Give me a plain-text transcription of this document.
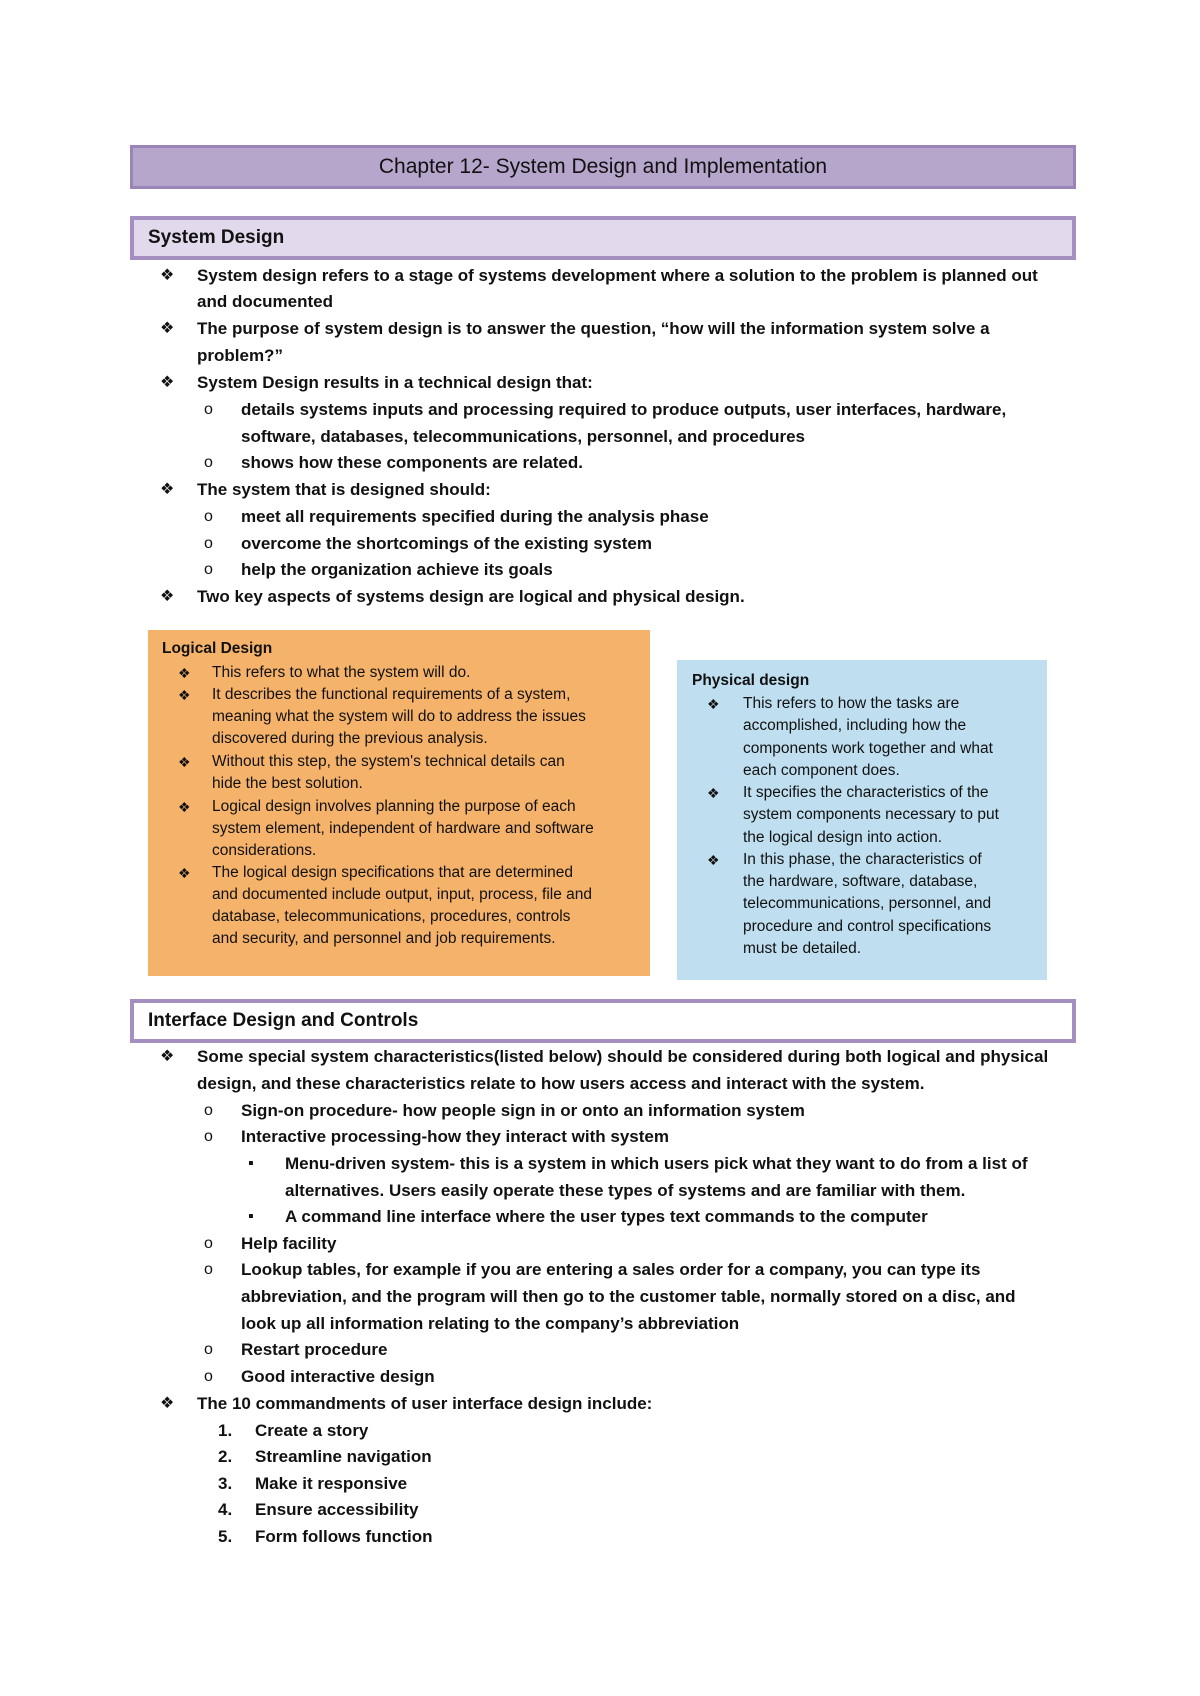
Chapter 12- System Design and Implementation
System Design
❖ System design refers to a stage of systems development where a solution to the problem is planned out
and documented
❖ The purpose of system design is to answer the question, “how will the information system solve a
problem?”
❖ System Design results in a technical design that:
o details systems inputs and processing required to produce outputs, user interfaces, hardware,
software, databases, telecommunications, personnel, and procedures
o shows how these components are related.
❖ The system that is designed should:
o meet all requirements specified during the analysis phase
o overcome the shortcomings of the existing system
o help the organization achieve its goals
❖ Two key aspects of systems design are logical and physical design.
Logical Design
❖ This refers to what the system will do.
❖ It describes the functional requirements of a system,
meaning what the system will do to address the issues
discovered during the previous analysis.
❖ Without this step, the system's technical details can
hide the best solution.
❖ Logical design involves planning the purpose of each
system element, independent of hardware and software
considerations.
❖ The logical design specifications that are determined
and documented include output, input, process, file and
database, telecommunications, procedures, controls
and security, and personnel and job requirements.
Physical design
❖ This refers to how the tasks are
accomplished, including how the
components work together and what
each component does.
❖ It specifies the characteristics of the
system components necessary to put
the logical design into action.
❖ In this phase, the characteristics of
the hardware, software, database,
telecommunications, personnel, and
procedure and control specifications
must be detailed.
Interface Design and Controls
❖ Some special system characteristics(listed below) should be considered during both logical and physical
design, and these characteristics relate to how users access and interact with the system.
o Sign-on procedure- how people sign in or onto an information system
o Interactive processing-how they interact with system
▪ Menu-driven system- this is a system in which users pick what they want to do from a list of
alternatives. Users easily operate these types of systems and are familiar with them.
▪ A command line interface where the user types text commands to the computer
o Help facility
o Lookup tables, for example if you are entering a sales order for a company, you can type its
abbreviation, and the program will then go to the customer table, normally stored on a disc, and
look up all information relating to the company’s abbreviation
o Restart procedure
o Good interactive design
❖ The 10 commandments of user interface design include:
1. Create a story
2. Streamline navigation
3. Make it responsive
4. Ensure accessibility
5. Form follows function
